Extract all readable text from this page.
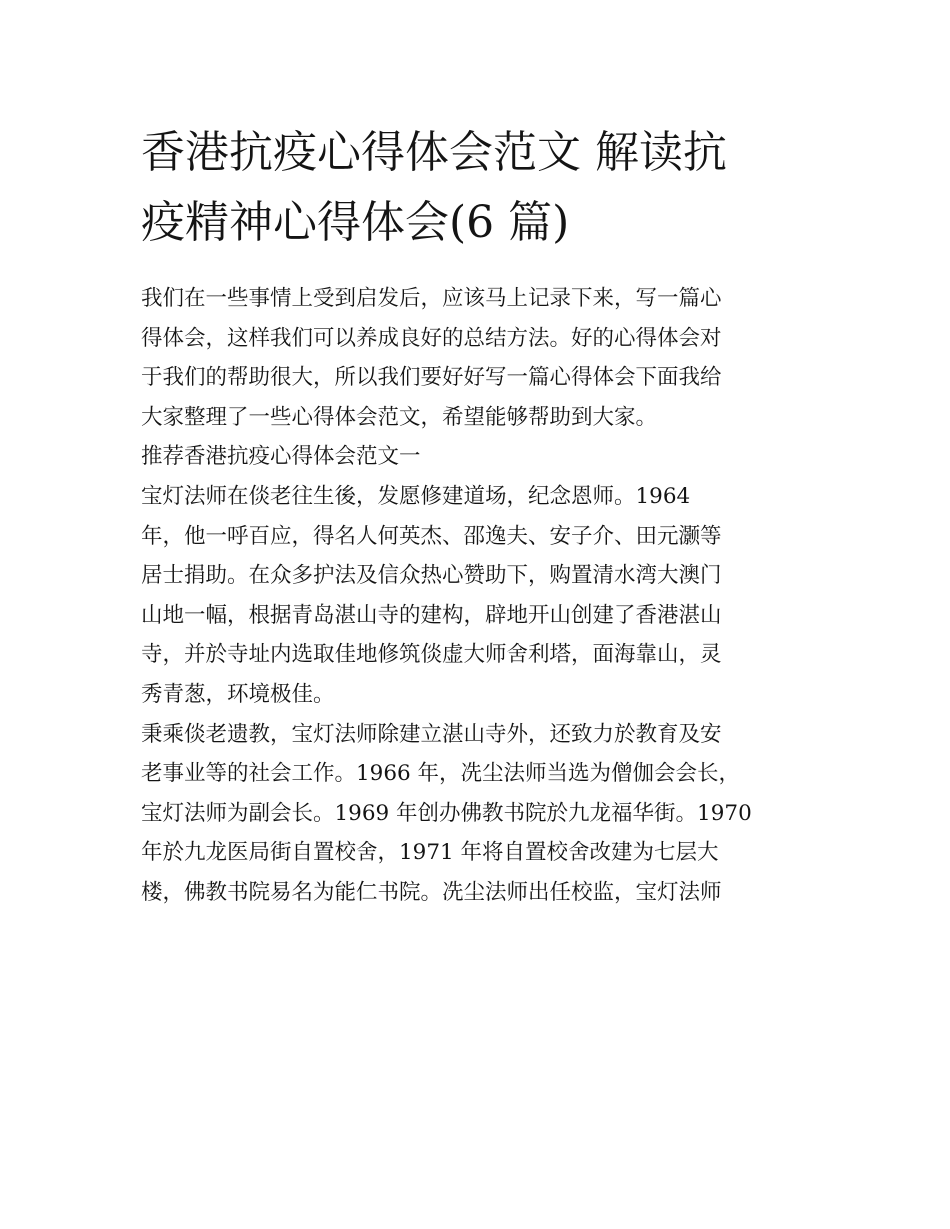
香港抗疫心得体会范文 解读抗
疫精神心得体会(6 篇)
我们在一些事情上受到启发后，应该马上记录下来，写一篇心
得体会，这样我们可以养成良好的总结方法。好的心得体会对
于我们的帮助很大，所以我们要好好写一篇心得体会下面我给
大家整理了一些心得体会范文，希望能够帮助到大家。
推荐香港抗疫心得体会范文一
宝灯法师在倓老往生後，发愿修建道场，纪念恩师。1964
年，他一呼百应，得名人何英杰、邵逸夫、安子介、田元灏等
居士捐助。在众多护法及信众热心赞助下，购置清水湾大澳门
山地一幅，根据青岛湛山寺的建构，辟地开山创建了香港湛山
寺，并於寺址内选取佳地修筑倓虚大师舍利塔，面海靠山，灵
秀青葱，环境极佳。
秉乘倓老遗教，宝灯法师除建立湛山寺外，还致力於教育及安
老事业等的社会工作。1966 年，冼尘法师当选为僧伽会会长，
宝灯法师为副会长。1969 年创办佛教书院於九龙福华街。1970
年於九龙医局街自置校舍，1971 年将自置校舍改建为七层大
楼，佛教书院易名为能仁书院。冼尘法师出任校监，宝灯法师
